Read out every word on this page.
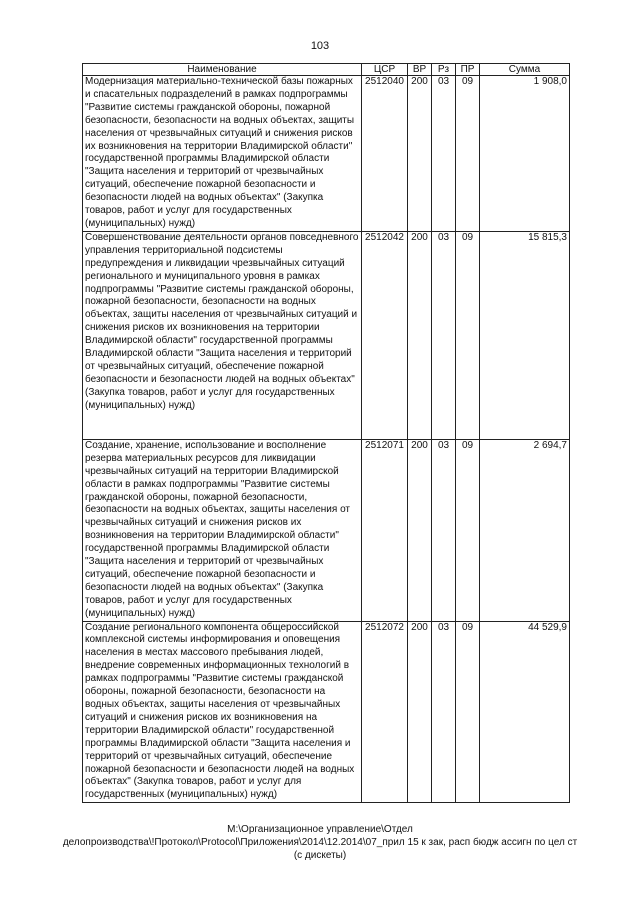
103
Наименование	ЦСР	ВР	Рз	ПР	Сумма
Модернизация материально-технической базы пожарных и спасательных подразделений в рамках подпрограммы "Развитие системы гражданской обороны, пожарной безопасности, безопасности на водных объектах, защиты населения от чрезвычайных ситуаций и снижения рисков их возникновения на территории Владимирской области" государственной программы Владимирской области "Защита населения и территорий от чрезвычайных ситуаций, обеспечение пожарной безопасности и безопасности людей на водных объектах" (Закупка товаров, работ и услуг для государственных (муниципальных) нужд)	2512040	200	03	09	1 908,0
Совершенствование деятельности органов повседневного управления территориальной подсистемы предупреждения и ликвидации чрезвычайных ситуаций регионального и муниципального уровня в рамках подпрограммы "Развитие системы гражданской обороны, пожарной безопасности, безопасности на водных объектах, защиты населения от чрезвычайных ситуаций и снижения рисков их возникновения на территории Владимирской области" государственной программы Владимирской области "Защита населения и территорий от чрезвычайных ситуаций, обеспечение пожарной безопасности и безопасности людей на водных объектах" (Закупка товаров, работ и услуг для государственных (муниципальных) нужд)	2512042	200	03	09	15 815,3
Создание, хранение, использование и восполнение резерва материальных ресурсов для ликвидации чрезвычайных ситуаций на территории Владимирской области в рамках подпрограммы "Развитие системы гражданской обороны, пожарной безопасности, безопасности на водных объектах, защиты населения от чрезвычайных ситуаций и снижения рисков их возникновения на территории Владимирской области" государственной программы Владимирской области "Защита населения и территорий от чрезвычайных ситуаций, обеспечение пожарной безопасности и безопасности людей на водных объектах" (Закупка товаров, работ и услуг для государственных (муниципальных) нужд)	2512071	200	03	09	2 694,7
Создание регионального компонента общероссийской комплексной системы информирования и оповещения населения в местах массового пребывания людей, внедрение современных информационных технологий в рамках подпрограммы "Развитие системы гражданской обороны, пожарной безопасности, безопасности на водных объектах, защиты населения от чрезвычайных ситуаций и снижения рисков их возникновения на территории Владимирской области" государственной программы Владимирской области "Защита населения и территорий от чрезвычайных ситуаций, обеспечение пожарной безопасности и безопасности людей на водных объектах" (Закупка товаров, работ и услуг для государственных (муниципальных) нужд)	2512072	200	03	09	44 529,9
M:\Организационное управление\Отдел
делопроизводства\!Протокол\Protocol\Приложения\2014\12.2014\07_прил 15 к зак, расп бюдж ассигн по цел ст
(с дискеты)
